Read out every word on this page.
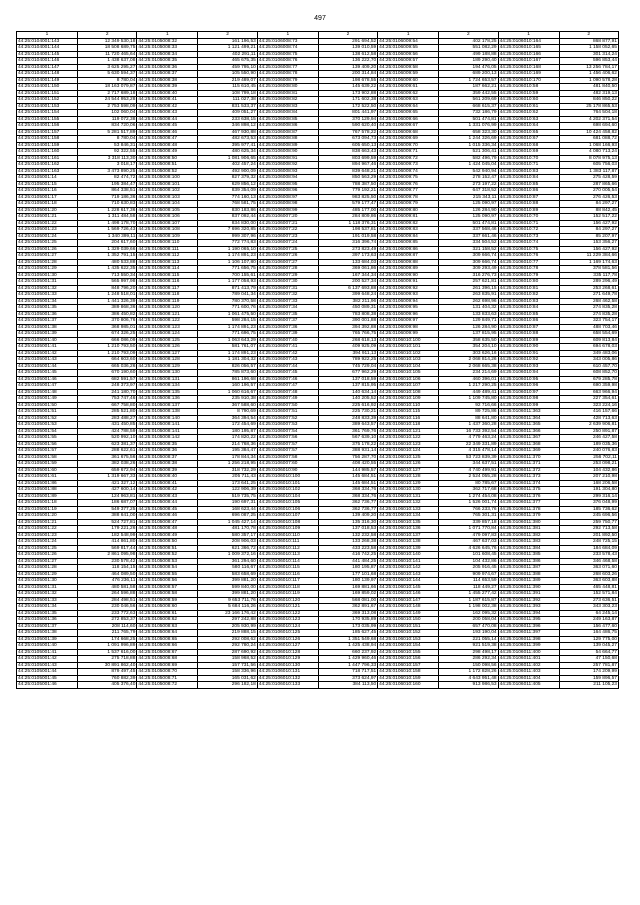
497
1	2	1	2	1	2	1	2	1	2
44:25:0104001:143	12 349 530,18	44:25:0105008:32	161 196,53	44:25:0106008:73	291 694,52	44:25:0106009:54	402 178,25	44:25:0106010:164	868 877,91
44:25:0104001:144	18 508 689,75	44:25:0105008:33	1 121 499,21	44:25:0106008:74	139 010,59	44:25:0106009:55	551 082,29	44:25:0106010:165	1 158 052,65
44:25:0104001:145	11 720 465,64	44:25:0105008:34	402 291,11	44:25:0106008:75	138 612,58	44:25:0106009:56	499 188,88	44:25:0106010:166	301 314,24
44:25:0104001:146	1 438 637,08	44:25:0105008:35	465 675,35	44:25:0106008:76	136 222,70	44:25:0106009:57	189 290,40	44:25:0106010:167	596 853,44
44:25:0104001:147	3 625 295,27	44:25:0105008:36	459 795,10	44:25:0106008:77	139 409,20	44:25:0106009:58	194 476,05	44:25:0106010:168	13 256 784,17
44:25:0104001:148	5 630 594,37	44:25:0105008:37	105 550,90	44:25:0106008:78	200 314,84	44:25:0106009:59	689 200,13	44:25:0106010:169	1 456 406,62
44:25:0104001:149	8 780,04	44:25:0105008:38	219 489,07	44:25:0106008:79	198 678,55	44:25:0106009:60	1 724 653,57	44:25:0106010:170	1 090 578,28
44:25:0104001:150	18 163 079,87	44:25:0105008:39	115 610,45	44:25:0106008:80	145 639,22	44:25:0106009:61	187 662,21	44:25:0106010:58	481 840,50
44:25:0104001:151	2 717 689,18	44:25:0105008:40	108 799,18	44:25:0106008:81	173 902,88	44:25:0106009:62	359 442,55	44:25:0106010:59	482 319,13
44:25:0104001:152	24 544 953,28	44:25:0105008:41	111 027,38	44:25:0106008:82	171 602,38	44:25:0106009:63	561 209,69	44:25:0106010:60	846 850,22
44:25:0104001:153	2 753 598,09	44:25:0105008:42	831 533,37	44:25:0106008:83	172 522,50	44:25:0106009:64	668 615,37	44:25:0106010:61	25 178 865,53
44:25:0104001:154	102 060,04	44:25:0105008:43	409 051,27	44:25:0106008:84	801 441,97	44:25:0106009:65	732 186,79	44:25:0106010:62	764 504,18
44:25:0104001:155	119 072,38	44:25:0105008:44	233 638,15	44:25:0106008:85	370 129,94	44:25:0106009:66	501 474,81	44:25:0106010:63	4 202 371,54
44:25:0104001:156	834 720,06	44:25:0105008:45	346 898,12	44:25:0106008:86	590 620,40	44:25:0106009:67	1 331 076,99	44:25:0106010:64	698 694,60
44:25:0104001:157	5 281 517,89	44:25:0105008:46	467 930,88	44:25:0106008:87	767 578,22	44:25:0106009:68	658 323,30	44:25:0106010:65	10 424 458,82
44:25:0104001:158	8 780,04	44:25:0105008:47	482 673,53	44:25:0106008:88	673 094,73	44:25:0106009:69	1 244 326,69	44:25:0106010:67	681 088,72
44:25:0104001:159	53 846,31	44:25:0105008:48	395 977,41	44:25:0106008:89	605 650,13	44:25:0106009:70	1 015 336,34	44:25:0106010:68	1 068 166,93
44:25:0104001:160	92 322,55	44:25:0105008:49	480 625,34	44:25:0106008:90	838 663,43	44:25:0106009:71	521 306,41	44:25:0106010:69	4 080 713,24
44:25:0104001:161	3 318 113,30	44:25:0105008:50	1 081 906,65	44:25:0106008:91	803 699,59	44:25:0106009:72	582 496,79	44:25:0106010:70	8 078 975,13
44:25:0104001:162	3 018,17	44:25:0105008:51	402 457,24	44:25:0106008:92	894 967,46	44:25:0106009:73	1 424 045,04	44:25:0106010:71	605 756,03
44:25:0104001:163	3 473 890,25	44:25:0105008:52	492 900,09	44:25:0106008:93	839 648,21	44:25:0106009:74	542 940,94	44:25:0106010:83	1 383 117,87
44:25:0105001:14	82 474,72	44:25:0105008:100	827 379,32	44:25:0106008:94	850 563,29	44:25:0106009:75	278 152,47	44:25:0106010:84	275 428,59
44:25:0105001:15	195 384,47	44:25:0105008:101	629 856,12	44:25:0106008:95	788 387,50	44:25:0106009:76	273 197,22	44:25:0106010:85	287 865,66
44:25:0105001:16	864 338,51	44:25:0105008:102	839 354,09	44:25:0106008:96	779 192,21	44:25:0106009:77	647 318,52	44:25:0106010:86	270 005,54
44:25:0105001:17	719 186,36	44:25:0105008:103	774 160,13	44:25:0106008:97	983 825,50	44:25:0106009:78	215 343,11	44:25:0106010:87	276 426,53
44:25:0105001:18	710 630,83	44:25:0105008:104	768 581,75	44:25:0106008:98	579 177,47	44:25:0106009:79	125 090,97	44:25:0106010:88	84 297,27
44:25:0105001:20	1 228 617,36	44:25:0105008:105	830 183,86	44:25:0106008:99	485 177,00	44:25:0106009:80	126 284,90	44:25:0106010:89	88 842,45
44:25:0105001:21	1 311 484,58	44:25:0105008:106	837 092,44	44:25:0106007:20	284 809,86	44:25:0106009:81	125 090,97	44:25:0106010:70	152 517,22
44:25:0105001:22	1 498 178,70	44:25:0105008:107	834 830,00	44:25:0106007:21	1 118 376,31	44:25:0106009:82	501 474,81	44:25:0106010:71	156 427,92
44:25:0105001:23	1 569 726,43	44:25:0105008:108	7 696 320,85	44:25:0106007:22	198 537,81	44:25:0106009:83	337 568,46	44:25:0106010:72	84 297,27
44:25:0105001:24	1 340 399,11	44:25:0105008:109	999 307,96	44:25:0106007:23	191 019,58	44:25:0106009:84	337 661,46	44:25:0106010:73	85 207,97
44:25:0105001:25	204 617,60	44:25:0105008:110	772 774,83	44:25:0106007:24	316 396,74	44:25:0106009:85	334 504,52	44:25:0106010:74	153 356,27
44:25:0105001:26	1 329 039,66	44:25:0105008:111	1 190 065,10	44:25:0106007:25	273 823,49	44:25:0106009:86	321 158,52	44:25:0106010:75	156 427,92
44:25:0105001:27	1 352 791,15	44:25:0105008:112	1 174 891,23	44:25:0106007:26	397 173,63	44:25:0106009:87	309 666,74	44:25:0106010:76	11 229 384,66
44:25:0105001:28	480 533,88	44:25:0105008:113	1 106 107,80	44:25:0106007:27	133 684,03	44:25:0106009:88	309 666,74	44:25:0106010:77	1 169 174,63
44:25:0105001:29	1 435 622,35	44:25:0105008:114	771 656,75	44:25:0106007:28	369 061,86	44:25:0106009:89	309 293,49	44:25:0106010:78	378 581,56
44:25:0105001:30	713 550,34	44:25:0105008:115	700 155,61	44:25:0106007:29	167 344,34	44:25:0106009:90	316 276,73	44:25:0106010:79	335 117,78
44:25:0105001:31	565 997,98	44:25:0105008:116	1 177 058,93	44:25:0106007:30	200 527,34	44:25:0106009:91	257 621,81	44:25:0106010:80	289 296,49
44:25:0105001:32	848 796,20	44:25:0105008:117	871 413,79	44:25:0106007:31	6 137 693,88	44:25:0106009:92	261 396,15	44:25:0106010:81	253 268,61
44:25:0105001:33	1 248 518,01	44:25:0105008:118	789 041,34	44:25:0106007:32	399 648,24	44:25:0106009:93	263 835,91	44:25:0106010:82	271 649,78
44:25:0105001:34	1 441 326,39	44:25:0105008:119	780 370,58	44:25:0106007:33	382 211,96	44:25:0106009:94	262 698,96	44:25:0106010:83	268 462,58
44:25:0105001:35	389 868,36	44:25:0105008:120	771 600,76	44:25:0106007:34	450 089,31	44:25:0106009:95	131 404,32	44:25:0106010:84	274 835,28
44:25:0105001:36	386 450,82	44:25:0105008:121	1 061 475,50	44:25:0106007:35	783 808,38	44:25:0106009:96	133 833,63	44:25:0106010:85	274 835,28
44:25:0105001:37	370 806,76	44:25:0105008:122	598 284,15	44:25:0106007:37	390 001,88	44:25:0106009:97	129 849,71	44:25:0106010:86	323 754,17
44:25:0105001:38	368 985,01	44:25:0105008:123	1 174 891,23	44:25:0106007:36	394 392,88	44:25:0106009:98	126 284,90	44:25:0106010:87	488 703,46
44:25:0105001:39	674 326,25	44:25:0105008:124	771 696,75	44:25:0106007:39	765 766,75	44:25:0106009:99	137 815,95	44:25:0106010:88	658 554,69
44:25:0105001:40	666 086,09	44:25:0105008:125	1 063 643,29	44:25:0106007:40	268 618,13	44:25:0106010:100	358 635,50	44:25:0106010:89	609 813,84
44:25:0105001:41	1 210 793,50	44:25:0105008:126	581 761,07	44:25:0106007:41	409 925,09	44:25:0106010:101	354 204,10	44:25:0106010:90	694 678,03
44:25:0105001:42	1 210 793,09	44:25:0105008:127	1 174 891,23	44:25:0106007:42	394 911,13	44:25:0106010:102	303 626,16	44:25:0106010:91	349 483,06
44:25:0105001:43	664 603,60	44:25:0105008:128	1 181 304,32	44:25:0106007:43	789 922,25	44:25:0106010:103	2 068 814,26	44:25:0106010:92	343 005,86
44:25:0105001:44	665 036,26	44:25:0105008:129	826 056,57	44:25:0106007:44	745 729,04	44:25:0106010:104	2 068 665,38	44:25:0106010:93	610 457,70
44:25:0105001:45	670 190,60	44:25:0105008:130	785 873,60	44:25:0106007:45	677 962,29	44:25:0106010:105	234 214,69	44:25:0106010:94	608 852,70
44:25:0105001:46	682 591,57	44:25:0105008:131	861 196,68	44:25:0106007:46	137 018,59	44:25:0106010:106	460 396,01	44:25:0106010:95	679 285,78
44:25:0105001:47	248 373,97	44:25:0105008:134	160 196,57	44:25:0106007:47	137 815,95	44:25:0106010:107	1 217 290,25	44:25:0106010:96	690 359,98
44:25:0105001:48	241 180,70	44:25:0105008:135	1 060 616,67	44:25:0106007:48	140 634,14	44:25:0106010:108	449 489,41	44:25:0106010:97	663 966,94
44:25:0105001:49	753 747,46	44:25:0105008:136	235 910,38	44:25:0106007:49	140 205,52	44:25:0106010:109	1 109 745,80	44:25:0106010:98	227 354,61
44:25:0105001:50	667 758,80	44:25:0105008:137	367 588,60	44:25:0106007:50	225 616,92	44:25:0106010:110	92 716,66	44:25:0106010:99	323 224,16
44:25:0105001:51	285 521,80	44:25:0105008:138	8 790,69	44:25:0106007:51	225 730,21	44:25:0106010:115	89 725,86	44:25:0106011:363	416 157,66
44:25:0105001:52	283 488,27	44:25:0105008:140	364 394,54	44:25:0106007:52	248 833,39	44:25:0106010:116	88 641,80	44:25:0106011:364	428 713,63
44:25:0105001:53	431 450,85	44:25:0105008:141	172 454,69	44:25:0106007:53	389 643,57	44:25:0106010:118	1 437 360,28	44:25:0106011:365	2 639 906,81
44:25:0105001:54	424 788,59	44:25:0105008:141	180 195,87	44:25:0106007:54	361 769,76	44:25:0106010:121	16 733 392,54	44:25:0106011:366	250 891,87
44:25:0105001:55	520 992,10	44:25:0105008:142	174 820,22	44:25:0106007:56	567 639,10	44:25:0106010:122	4 779 463,24	44:25:0106011:367	246 427,58
44:25:0105001:56	623 381,37	44:25:0105008:35	214 768,36	44:25:0106007:57	375 178,22	44:25:0106010:123	22 349 331,89	44:25:0106011:368	189 035,36
44:25:0105001:57	288 622,61	44:25:0105008:36	195 384,47	44:25:0106007:57	388 931,14	44:25:0106010:124	4 315 478,14	44:25:0106011:369	240 076,83
44:25:0105001:58	361 675,56	44:25:0105008:37	178 844,34	44:25:0106007:58	756 287,70	44:25:0106010:125	53 723 839,39	44:25:0106011:370	256 702,11
44:25:0105001:59	382 038,26	44:25:0105008:38	1 256 218,95	44:25:0106007:60	408 420,55	44:25:0106010:126	344 637,51	44:25:0106011:371	253 098,21
44:25:0105001:60	659 672,94	44:25:0105008:39	318 732,29	44:25:0106010:90	144 985,57	44:25:0106010:127	4 740 499,91	44:25:0106011:372	104 432,86
44:25:0105001:61	1 319 667,33	44:25:0105008:40	205 711,43	44:25:0106010:100	145 684,51	44:25:0106010:128	2 524 055,28	44:25:0106011:373	207 210,98
44:25:0105001:86	421 327,12	44:25:0105008:41	173 641,25	44:25:0106010:101	145 684,51	44:25:0106010:129	80 785,67	44:25:0106011:374	168 206,58
44:25:0105001:88	427 600,14	44:25:0105008:42	122 906,39	44:25:0106010:102	368 334,76	44:25:0106010:130	362 717,68	44:25:0106011:375	191 304,80
44:25:0105001:89	124 963,81	44:25:0105008:43	519 735,75	44:25:0106010:104	368 334,76	44:25:0106010:131	1 274 454,08	44:25:0106011:376	299 316,14
44:25:0105001:18	186 687,07	44:25:0105008:44	190 697,31	44:25:0106010:105	362 736,77	44:25:0106010:132	1 526 001,74	44:25:0106011:377	376 048,99
44:25:0105001:19	549 377,25	44:25:0105008:45	168 623,44	44:25:0106010:106	362 736,77	44:25:0106010:133	766 233,76	44:25:0106011:378	185 736,62
44:25:0105001:20	388 641,00	44:25:0105008:46	696 087,25	44:25:0106010:107	139 409,20	44:25:0106010:134	765 301,31	44:25:0106011:379	245 696,56
44:25:0105001:21	524 727,81	44:25:0105008:47	1 045 427,14	44:25:0106010:108	135 316,30	44:25:0106010:135	339 857,18	44:25:0106011:380	259 750,77
44:25:0105001:22	179 221,26	44:25:0105008:48	481 170,78	44:25:0106010:109	137 018,53	44:25:0106010:136	1 071 770,84	44:25:0106011:381	292 713,58
44:25:0105001:23	182 548,99	44:25:0105008:49	580 357,17	44:25:0106010:110	132 232,58	44:25:0106010:137	479 097,83	44:25:0106011:382	201 892,50
44:25:0105001:24	414 861,80	44:25:0105008:50	208 906,03	44:25:0106010:111	133 268,38	44:25:0106010:138	467 637,03	44:25:0106011:383	248 725,15
44:25:0105001:25	569 817,44	44:25:0105008:51	621 366,72	44:25:0106010:112	433 223,58	44:25:0106010:139	4 626 645,76	44:25:0106011:384	184 684,09
44:25:0105001:26	2 861 095,98	44:25:0105008:52	1 009 372,16	44:25:0106010:113	416 742,25	44:25:0106010:140	101 608,45	44:25:0106011:385	233 578,43
44:25:0105001:27	230 578,42	44:25:0105008:53	361 294,60	44:25:0106010:114	441 484,25	44:25:0106010:141	104 432,86	44:25:0106011:386	346 468,58
44:25:0105001:28	118 154,15	44:25:0105008:54	580 116,67	44:25:0106010:115	180 195,87	44:25:0106010:142	205 916,45	44:25:0106011:387	363 071,60
44:25:0105001:29	464 089,50	44:25:0105008:55	583 658,69	44:25:0106010:116	177 101,68	44:25:0106010:143	909 974,67	44:25:0106011:388	268 603,26
44:25:0105001:30	476 236,11	44:25:0105008:56	399 881,20	44:25:0106010:117	180 139,97	44:25:0106010:144	114 653,59	44:25:0106011:389	363 603,88
44:25:0105001:31	480 581,58	44:25:0105008:57	599 840,00	44:25:0106010:118	169 881,66	44:25:0106010:145	118 449,27	44:25:0106011:390	465 448,81
44:25:0105001:32	264 596,88	44:25:0105008:58	399 881,20	44:25:0106010:119	169 859,02	44:25:0106010:146	1 455 277,42	44:25:0106011:391	152 571,84
44:25:0105001:33	284 498,51	44:25:0105008:59	9 653 711,76	44:25:0106010:120	568 081,00	44:25:0106010:147	1 187 615,87	44:25:0106011:392	273 636,51
44:25:0105001:34	230 046,56	44:25:0105008:60	5 684 116,26	44:25:0106010:121	362 891,67	44:25:0106010:148	1 198 002,38	44:25:0106011:393	343 303,23
44:25:0105001:35	233 772,63	44:25:0105008:61	23 166 176,42	44:25:0106010:122	369 313,08	44:25:0106010:149	162 095,32	44:25:0106011:394	64 245,14
44:25:0105001:36	272 853,37	44:25:0105008:62	297 242,88	44:25:0106010:123	170 935,89	44:25:0106010:150	200 058,04	44:25:0106011:395	249 163,87
44:25:0105001:37	208 114,60	44:25:0105008:63	205 930,99	44:25:0106010:124	173 035,99	44:25:0106010:151	657 470,08	44:25:0106011:396	156 477,60
44:25:0105001:38	211 765,79	44:25:0105008:64	219 888,15	44:25:0106010:125	185 627,45	44:25:0106010:152	193 190,04	44:25:0106011:397	164 486,75
44:25:0105001:39	174 668,25	44:25:0105008:65	292 008,62	44:25:0106010:126	1 351 549,68	44:25:0106010:153	221 055,14	44:25:0106011:398	129 775,00
44:25:0105001:40	1 091 996,89	44:25:0105008:66	292 780,24	44:25:0106010:127	1 425 438,94	44:25:0106010:154	921 519,38	44:25:0106011:399	139 045,27
44:25:0105001:41	1 537 616,00	44:25:0105008:67	287 690,92	44:25:0106010:128	660 237,92	44:25:0106010:155	298 498,17	44:25:0106011:400	54 664,77
44:25:0105001:42	275 718,88	44:25:0105008:68	158 968,52	44:25:0106010:129	1 429 960,46	44:25:0106010:156	286 292,34	44:25:0106011:401	47 150,68
44:25:0105001:43	30 891 862,40	44:25:0105008:69	157 731,56	44:25:0106010:130	1 447 796,33	44:25:0106010:157	150 098,56	44:25:0106011:402	257 781,87
44:25:0105001:44	879 497,45	44:25:0105008:70	158 336,96	44:25:0106010:131	718 717,51	44:25:0106010:158	1 172 828,26	44:25:0106011:403	174 209,99
44:25:0105001:45	760 882,39	44:25:0105008:71	165 031,62	44:25:0106010:132	373 624,97	44:25:0106010:159	4 643 951,48	44:25:0106011:404	159 896,57
44:25:0105001:46	405 376,40	44:25:0105008:72	296 182,18	44:25:0106010:133	384 113,50	44:25:0106010:160	913 986,53	44:25:0106011:405	211 105,23
